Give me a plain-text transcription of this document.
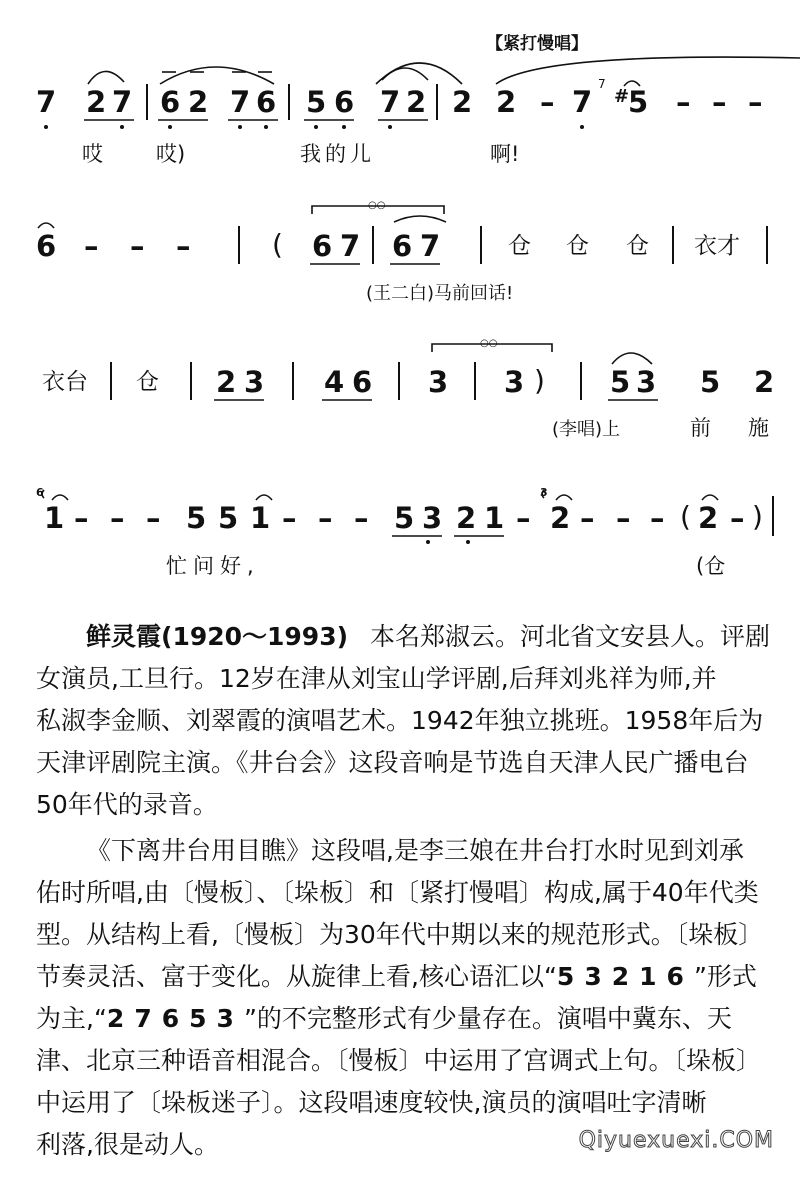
【紧打慢唱】
7 2 7 6 2 7 6 5 6 7 2 2 2 – 7
7
#
5 – – –
哎	哎)	我的儿	啊!
6 – – –	( 6 7 6 7	仓 仓 仓 衣才
○○
(王二白)马前回话!
衣台 仓 2 3 4 6 3 3 ) 5 3 5 2
○○
(李唱)上	前 施
6	3
1 – – – 5 5 1 – – – 5 3 2 1 – 2 – – – ( 2 – )
忙问好,	(仓
鲜灵霞(1920～1993) 本名郑淑云。河北省文安县人。评剧
女演员,工旦行。12岁在津从刘宝山学评剧,后拜刘兆祥为师,并
私淑李金顺、刘翠霞的演唱艺术。1942年独立挑班。1958年后为
天津评剧院主演。《井台会》这段音响是节选自天津人民广播电台
50年代的录音。
《下离井台用目瞧》这段唱,是李三娘在井台打水时见到刘承
佑时所唱,由〔慢板〕、〔垛板〕和〔紧打慢唱〕构成,属于40年代类
型。从结构上看,〔慢板〕为30年代中期以来的规范形式。〔垛板〕
节奏灵活、富于变化。从旋律上看,核心语汇以“53216
”形式
为主,“27653
”的不完整形式有少量存在。演唱中冀东、天
津、北京三种语音相混合。〔慢板〕中运用了宫调式上句。〔垛板〕
中运用了〔垛板迷子〕。这段唱速度较快,演员的演唱吐字清晰
利落,很是动人。	Qiyuexuexi.COM
